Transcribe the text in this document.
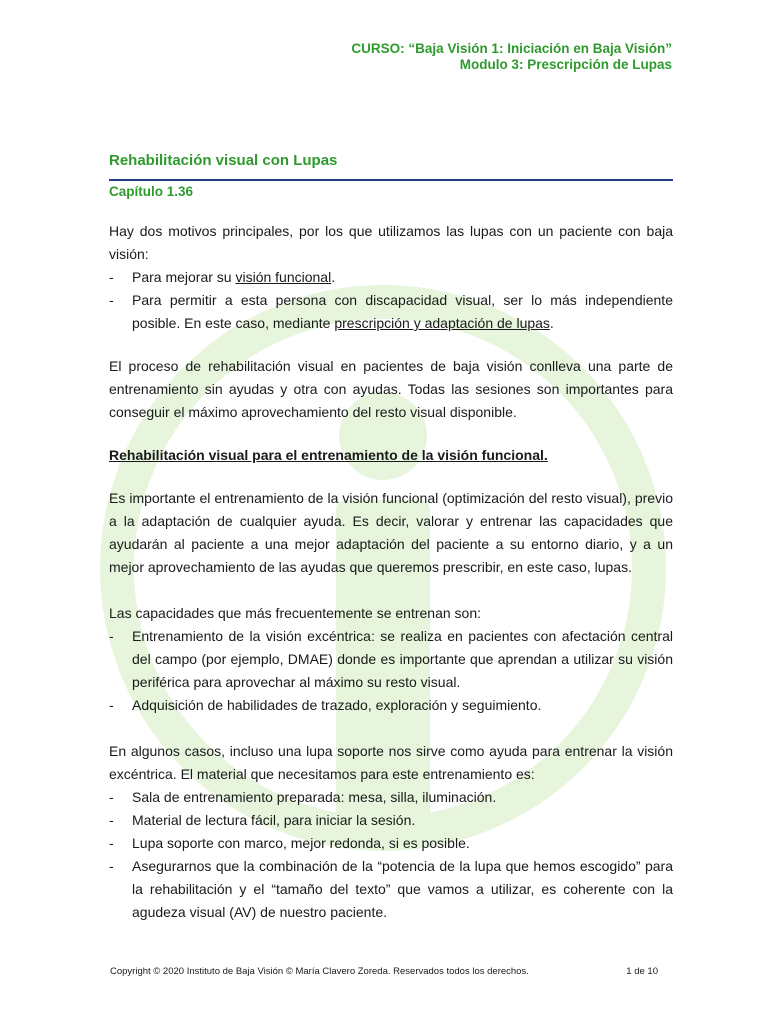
CURSO: “Baja Visión 1: Iniciación en Baja Visión”
Modulo 3: Prescripción de Lupas
Rehabilitación visual con Lupas
Capítulo 1.36

Hay dos motivos principales, por los que utilizamos las lupas con un paciente con baja visión:

- Para mejorar su visión funcional.
- Para permitir a esta persona con discapacidad visual, ser lo más independiente posible. En este caso, mediante prescripción y adaptación de lupas.

El proceso de rehabilitación visual en pacientes de baja visión conlleva una parte de entrenamiento sin ayudas y otra con ayudas. Todas las sesiones son importantes para conseguir el máximo aprovechamiento del resto visual disponible.

Rehabilitación visual para el entrenamiento de la visión funcional.

Es importante el entrenamiento de la visión funcional (optimización del resto visual), previo a la adaptación de cualquier ayuda. Es decir, valorar y entrenar las capacidades que ayudarán al paciente a una mejor adaptación del paciente a su entorno diario, y a un mejor aprovechamiento de las ayudas que queremos prescribir, en este caso, lupas.

Las capacidades que más frecuentemente se entrenan son:

- Entrenamiento de la visión excéntrica: se realiza en pacientes con afectación central del campo (por ejemplo, DMAE) donde es importante que aprendan a utilizar su visión periférica para aprovechar al máximo su resto visual.
- Adquisición de habilidades de trazado, exploración y seguimiento.

En algunos casos, incluso una lupa soporte nos sirve como ayuda para entrenar la visión excéntrica. El material que necesitamos para este entrenamiento es:

- Sala de entrenamiento preparada: mesa, silla, iluminación.
- Material de lectura fácil, para iniciar la sesión.
- Lupa soporte con marco, mejor redonda, si es posible.
- Asegurarnos que la combinación de la “potencia de la lupa que hemos escogido” para la rehabilitación y el “tamaño del texto” que vamos a utilizar, es coherente con la agudeza visual (AV) de nuestro paciente.
Copyright © 2020 Instituto de Baja Visión © María Clavero Zoreda. Reservados todos los derechos.	1 de 10
